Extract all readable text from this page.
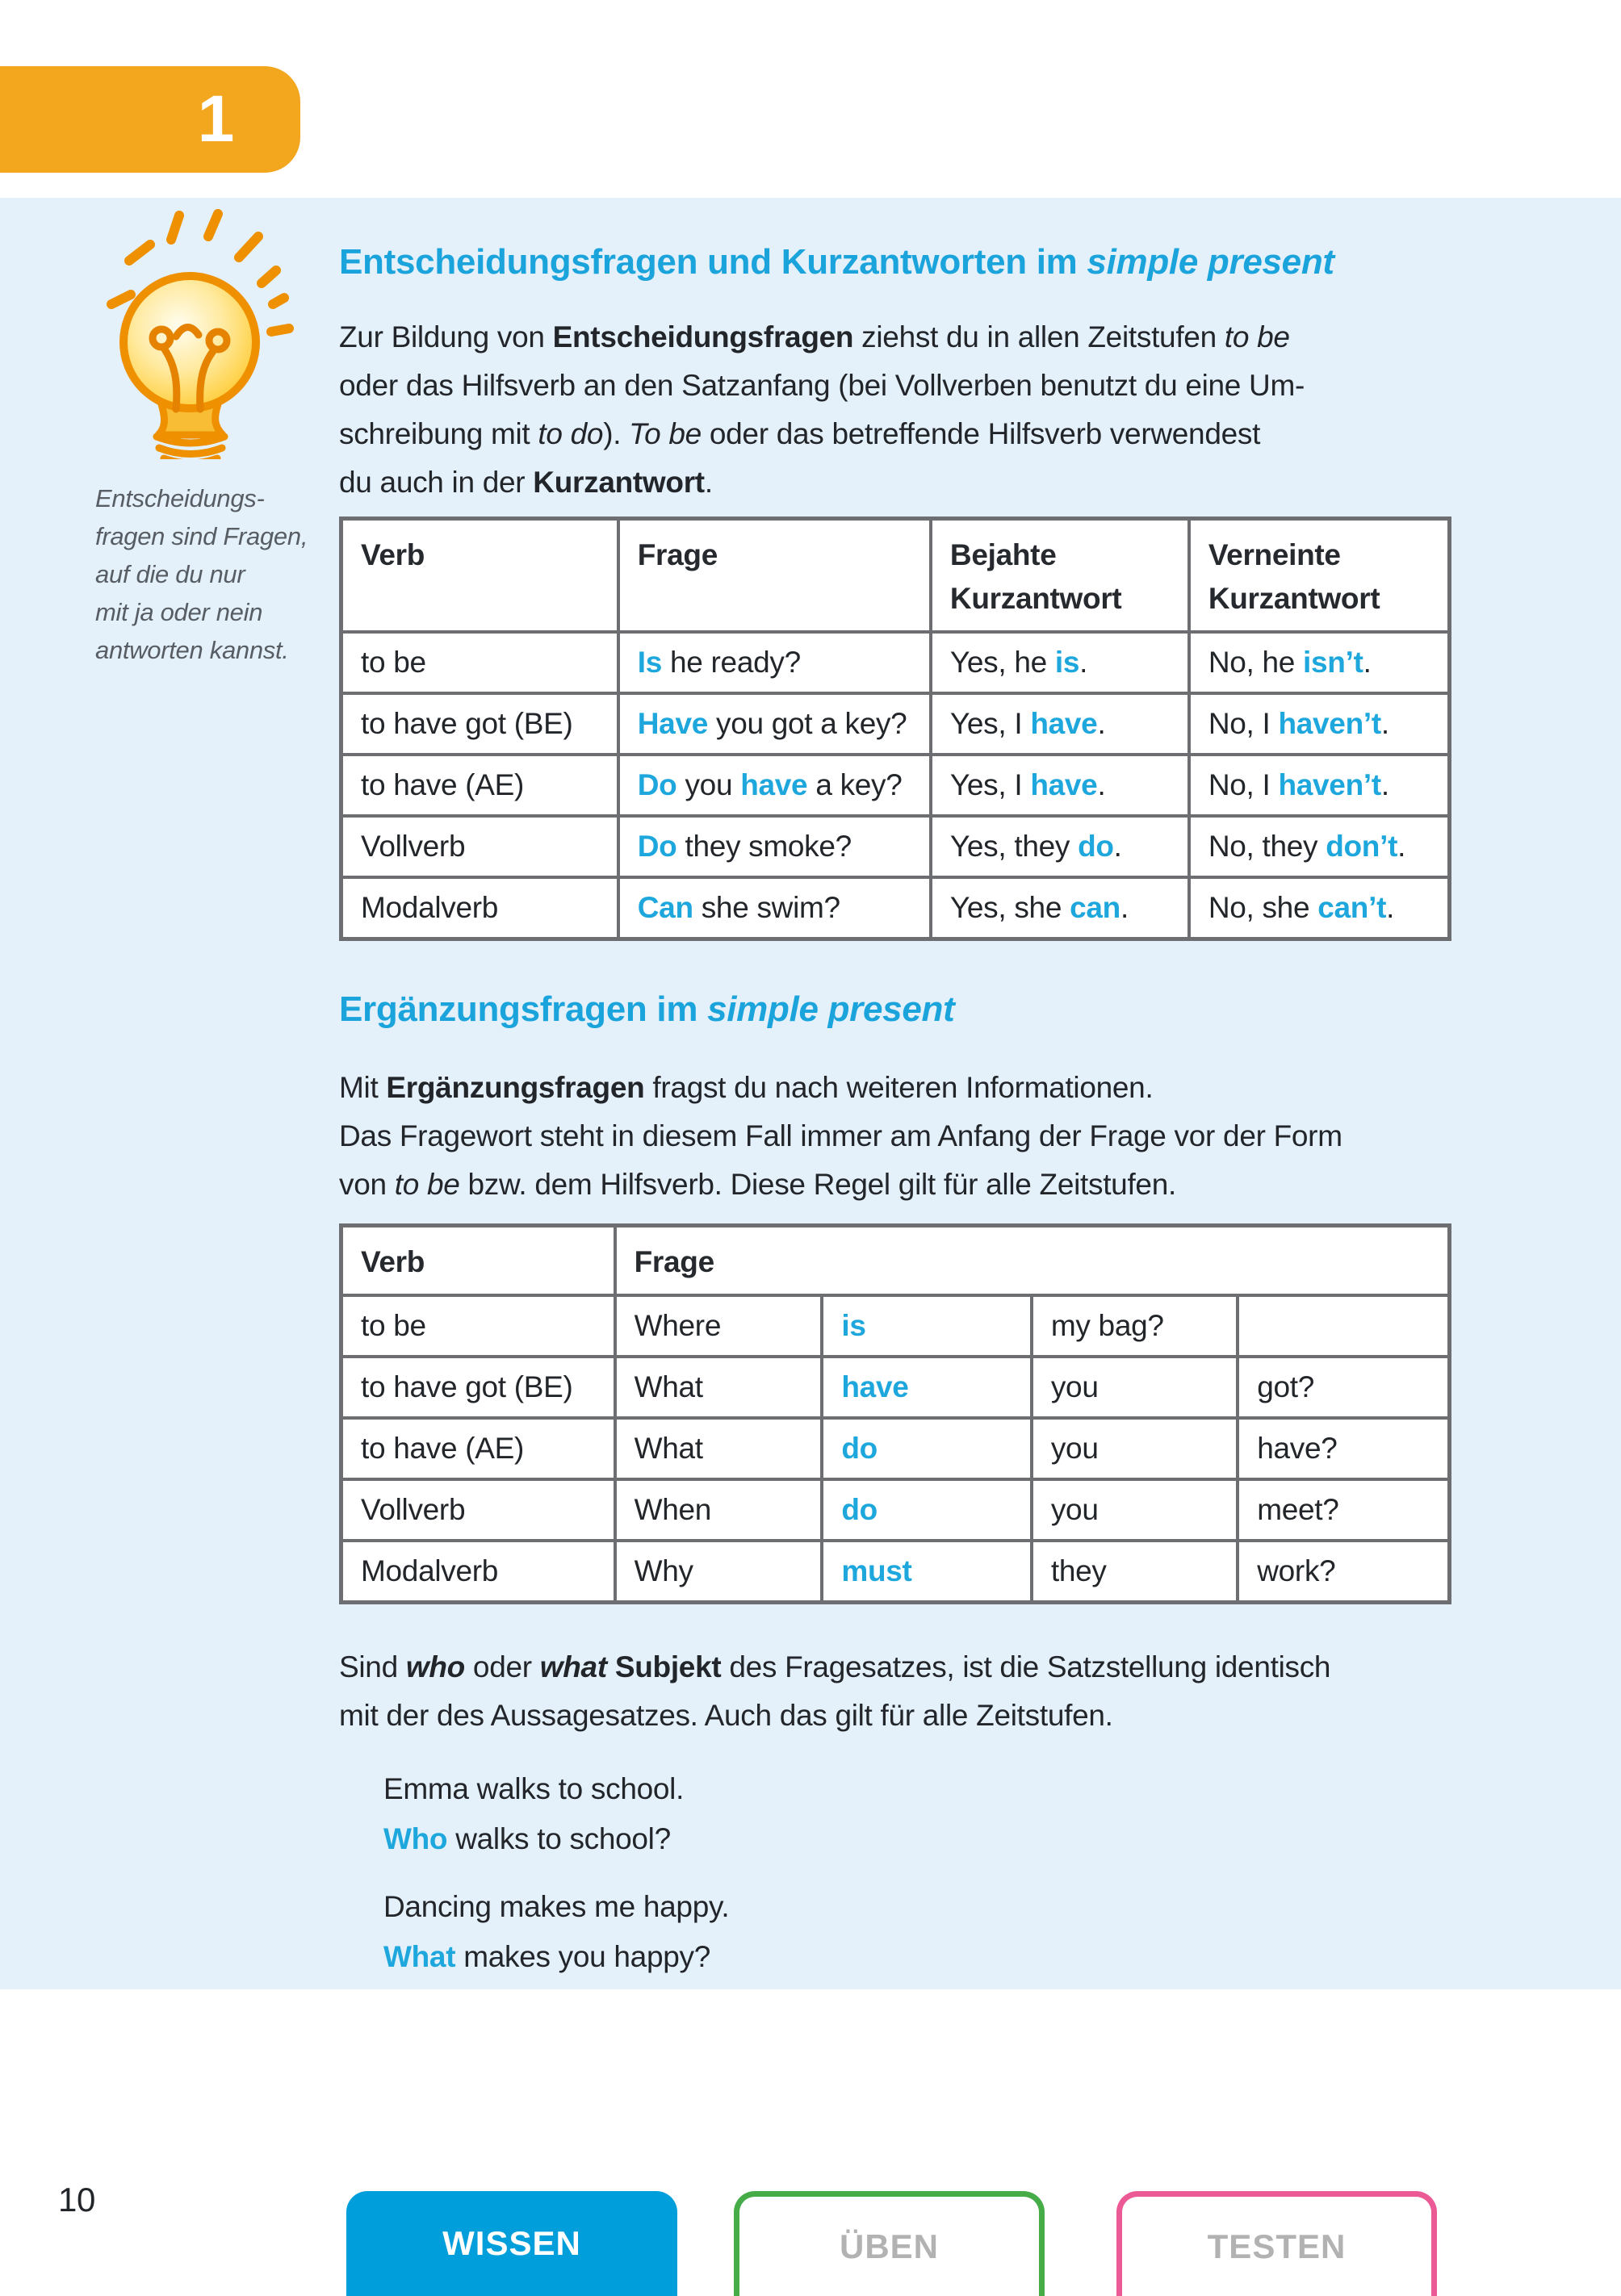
1

Entscheidungs-
fragen sind Fragen,
auf die du nur
mit ja oder nein
antworten kannst.

Entscheidungsfragen und Kurzantworten im simple present

Zur Bildung von Entscheidungsfragen ziehst du in allen Zeitstufen to be
oder das Hilfsverb an den Satzanfang (bei Vollverben benutzt du eine Um-
schreibung mit to do). To be oder das betreffende Hilfsverb verwendest
du auch in der Kurzantwort.

Verb	Frage	Bejahte Kurzantwort	Verneinte Kurzantwort
to be	Is he ready?	Yes, he is.	No, he isn’t.
to have got (BE)	Have you got a key?	Yes, I have.	No, I haven’t.
to have (AE)	Do you have a key?	Yes, I have.	No, I haven’t.
Vollverb	Do they smoke?	Yes, they do.	No, they don’t.
Modalverb	Can she swim?	Yes, she can.	No, she can’t.
Ergänzungsfragen im simple present

Mit Ergänzungsfragen fragst du nach weiteren Informationen.
Das Fragewort steht in diesem Fall immer am Anfang der Frage vor der Form
von to be bzw. dem Hilfsverb. Diese Regel gilt für alle Zeitstufen.

Verb	Frage			
to be	Where	is	my bag?	
to have got (BE)	What	have	you	got?
to have (AE)	What	do	you	have?
Vollverb	When	do	you	meet?
Modalverb	Why	must	they	work?

Sind who oder what Subjekt des Fragesatzes, ist die Satzstellung identisch
mit der des Aussagesatzes. Auch das gilt für alle Zeitstufen.

Emma walks to school.
Who walks to school?
Dancing makes me happy.
What makes you happy?
10
WISSEN	ÜBEN	TESTEN
